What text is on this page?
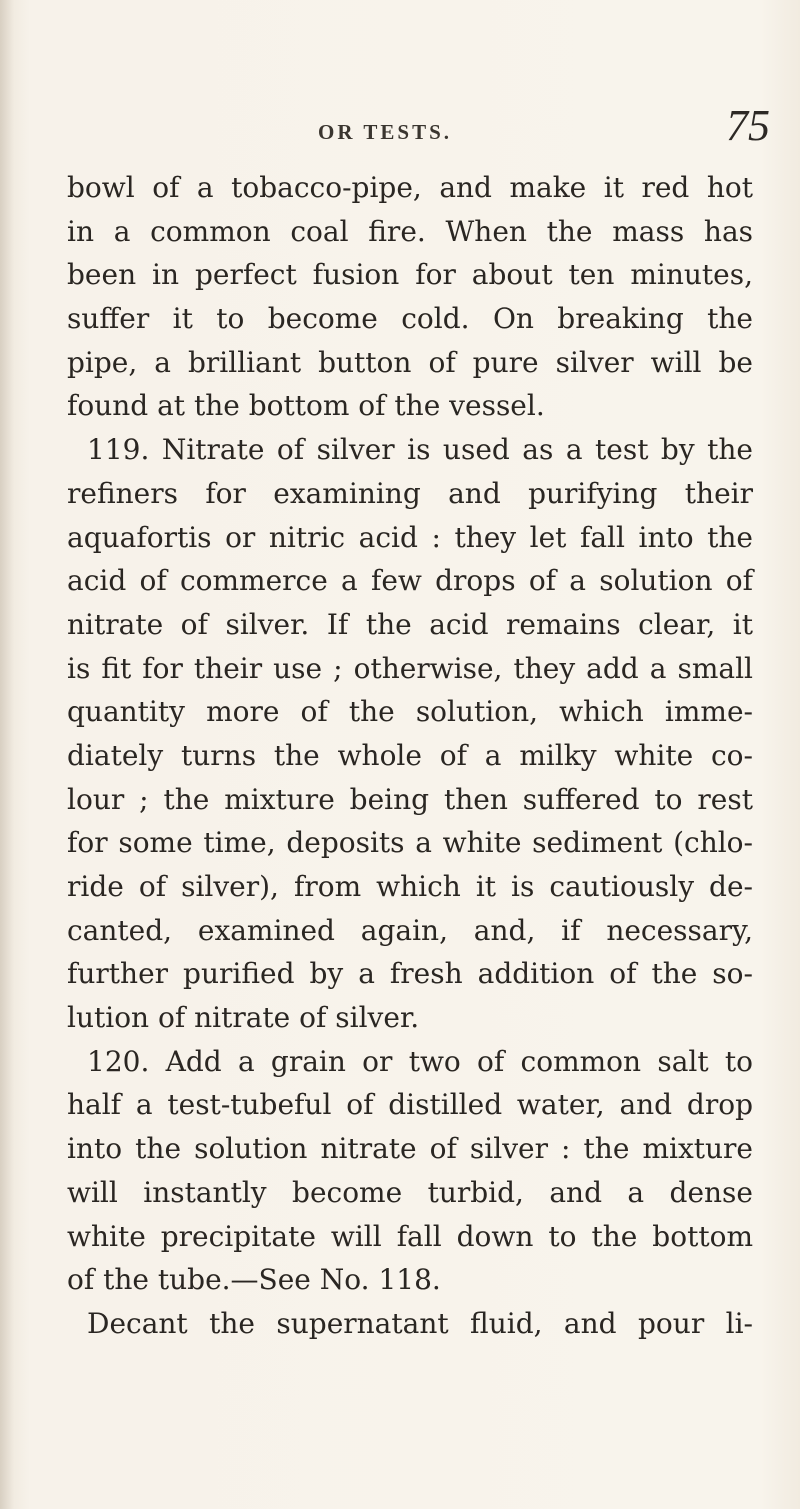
OR TESTS.	75
bowl of a tobacco-pipe, and make it red hot
in a common coal fire. When the mass has
been in perfect fusion for about ten minutes,
suffer it to become cold. On breaking the
pipe, a brilliant button of pure silver will be
found at the bottom of the vessel.
119. Nitrate of silver is used as a test by the
refiners for examining and purifying their
aquafortis or nitric acid : they let fall into the
acid of commerce a few drops of a solution of
nitrate of silver. If the acid remains clear, it
is fit for their use ; otherwise, they add a small
quantity more of the solution, which imme-
diately turns the whole of a milky white co-
lour ; the mixture being then suffered to rest
for some time, deposits a white sediment (chlo-
ride of silver), from which it is cautiously de-
canted, examined again, and, if necessary,
further purified by a fresh addition of the so-
lution of nitrate of silver.
120. Add a grain or two of common salt to
half a test-tubeful of distilled water, and drop
into the solution nitrate of silver : the mixture
will instantly become turbid, and a dense
white precipitate will fall down to the bottom
of the tube.—See No. 118.
Decant the supernatant fluid, and pour li-
